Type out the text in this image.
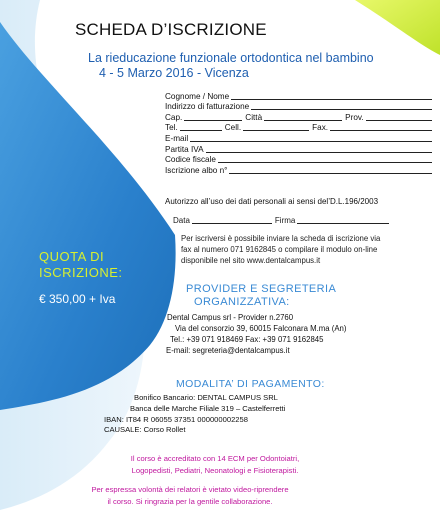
SCHEDA D’ISCRIZIONE
La rieducazione funzionale ortodontica nel bambino
4 - 5 Marzo 2016 - Vicenza
Cognome / Nome
Indirizzo di fatturazione
Cap.	Città	Prov.
Tel.	Cell.	Fax.
E-mail
Partita IVA
Codice fiscale
Iscrizione albo n°
Autorizzo all’uso dei dati personali ai sensi del’D.L.196/2003
Data	Firma
Per iscriversi è possibile inviare la scheda di iscrizione via
fax al numero 071 9162845 o compilare il modulo on-line
disponibile nel sito www.dentalcampus.it
QUOTA DI
ISCRIZIONE:
€ 350,00 + Iva
PROVIDER E SEGRETERIA
ORGANIZZATIVA:
Dental Campus srl - Provider n.2760
Via del consorzio 39, 60015 Falconara M.ma (An)
Tel.: +39 071 918469 Fax: +39 071 9162845
E-mail: segreteria@dentalcampus.it
MODALITA’ DI PAGAMENTO:
Bonifico Bancario: DENTAL CAMPUS SRL
Banca delle Marche Filiale 319 – Castelferretti
IBAN: IT84 R 06055 37351 000000002258
CAUSALE: Corso Rollet
Il corso è accreditato con 14 ECM per Odontoiatri,
Logopedisti, Pediatri, Neonatologi e Fisioterapisti.
Per espressa volontà dei relatori è vietato video-riprendere
il corso. Si ringrazia per la gentile collaborazione.
